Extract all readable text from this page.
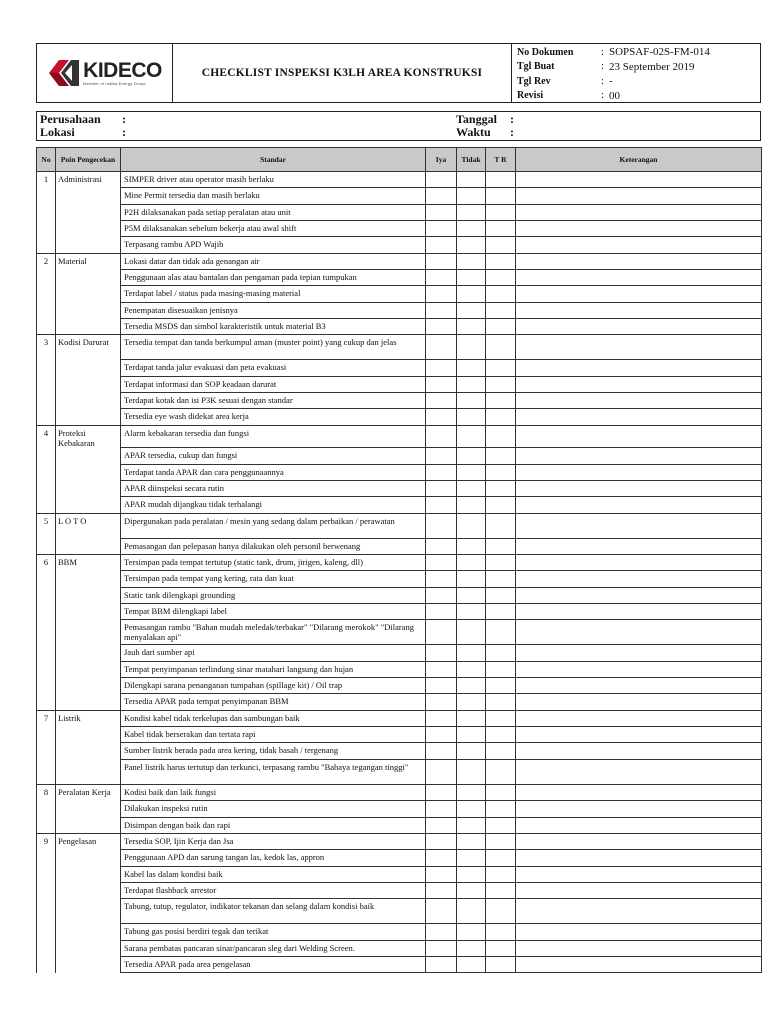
KIDECO
Member of Indika Energy Group
CHECKLIST INSPEKSI K3LH AREA KONSTRUKSI
No Dokumen	: SOPSAF-02S-FM-014
Tgl Buat	: 23 September 2019
Tgl Rev	: -
Revisi	: 00
Perusahaan	:
Lokasi	:
Tanggal	:
Waktu	:
No	Poin Pengecekan	Standar	Iya	Tidak	T R	Keterangan
1	Administrasi	SIMPER driver atau operator masih berlaku				
		Mine Permit tersedia dan masih berlaku				
		P2H dilaksanakan pada setiap peralatan atau unit				
		P5M dilaksanakan sebelum bekerja atau awal shift				
		Terpasang rambu APD Wajib				
2	Material	Lokasi datar dan tidak ada genangan air				
		Penggunaan alas atau bantalan dan pengaman pada tepian tumpukan				
		Terdapat label / status pada masing-masing material				
		Penempatan disesuaikan jenisnya				
		Tersedia MSDS dan simbol karakteristik untuk material B3				
3	Kodisi Darurat	Tersedia tempat dan tanda berkumpul aman (muster point) yang cukup dan jelas				
		Terdapat tanda jalur evakuasi dan peta evakuasi				
		Terdapat informasi dan SOP keadaan darurat				
		Terdapat kotak dan isi P3K sesuai dengan standar				
		Tersedia eye wash didekat area kerja				
4	Proteksi Kebakaran	Alarm kebakaran tersedia dan fungsi				
		APAR tersedia, cukup dan fungsi				
		Terdapat tanda APAR dan cara penggunaannya				
		APAR diinspeksi secara rutin				
		APAR mudah dijangkau tidak terhalangi				
5	L O T O	Dipergunakan pada peralatan / mesin yang sedang dalam perbaikan / perawatan				
		Pemasangan dan pelepasan hanya dilakukan oleh personil berwenang				
6	BBM	Tersimpan pada tempat tertutup (static tank, drum, jirigen, kaleng, dll)				
		Tersimpan pada tempat yang kering, rata dan kuat				
		Static tank dilengkapi grounding				
		Tempat BBM dilengkapi label				
		Pemasangan rambu "Bahan mudah meledak/terbakar" "Dilarang merokok" "Dilarang menyalakan api"				
		Jauh dari sumber api				
		Tempat penyimpanan terlindung sinar matahari langsung dan hujan				
		Dilengkapi sarana penanganan tumpahan (spillage kit) / Oil trap				
		Tersedia APAR pada tempat penyimpanan BBM				
7	Listrik	Kondisi kabel tidak terkelupas dan sambungan baik				
		Kabel tidak berserakan dan tertata rapi				
		Sumber listrik berada pada area kering, tidak basah / tergenang				
		Panel listrik harus tertutup dan terkunci, terpasang rambu "Bahaya tegangan tinggi"				
8	Peralatan Kerja	Kodisi baik dan laik fungsi				
		Dilakukan inspeksi rutin				
		Disimpan dengan baik dan rapi				
9	Pengelasan	Tersedia SOP, Ijin Kerja dan Jsa				
		Penggunaan APD dan sarung tangan las, kedok las, appron				
		Kabel las dalam kondisi baik				
		Terdapat flashback arrestor				
		Tabung, tutup, regulator, indikator tekanan dan selang dalam kondisi baik				
		Tabung gas posisi berdiri tegak dan terikat				
		Sarana pembatas pancaran sinar/pancaran sleg dari Welding Screen.				
		Tersedia APAR pada area pengelasan				
